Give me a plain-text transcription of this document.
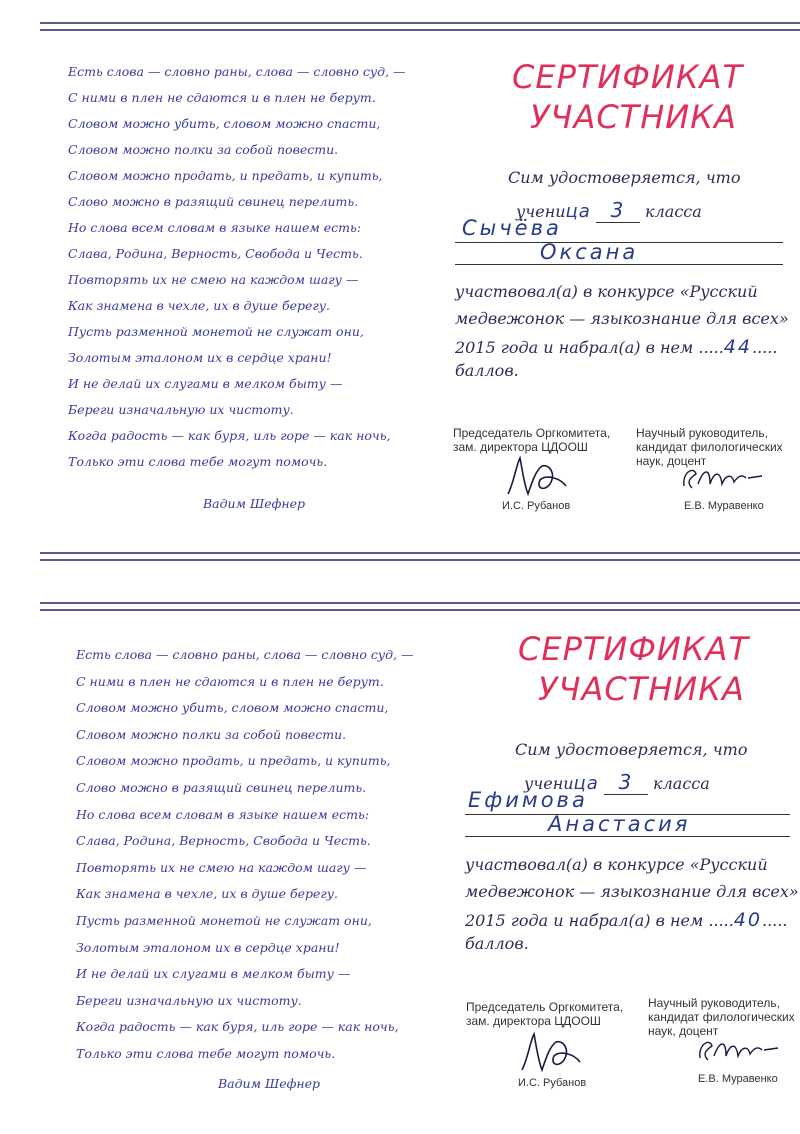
Есть слова — словно раны, слова — словно суд, —
С ними в плен не сдаются и в плен не берут.
Словом можно убить, словом можно спасти,
Словом можно полки за собой повести.
Словом можно продать, и предать, и купить,
Слово можно в разящий свинец перелить.
Но слова всем словам в языке нашем есть:
Слава, Родина, Верность, Свобода и Честь.
Повторять их не смею на каждом шагу —
Как знамена в чехле, их в душе берегу.
Пусть разменной монетой не служат они,
Золотым эталоном их в сердце храни!
И не делай их слугами в мелком быту —
Береги изначальную их чистоту.
Когда радость — как буря, иль горе — как ночь,
Только эти слова тебе могут помочь.
Вадим Шефнер
СЕРТИФИКАТ
УЧАСТНИКА
Сим удостоверяется, что
ученица 3 класса
Сычёва
Оксана
участвовал(а) в конкурсе «Русский
медвежонок — языкознание для всех»
2015 года и набрал(а) в нем .....44.....
баллов.
Председатель Оргкомитета,
зам. директора ЦДООШ
Научный руководитель,
кандидат филологических
наук, доцент
И.С. Рубанов	Е.В. Муравенко
Есть слова — словно раны, слова — словно суд, —
С ними в плен не сдаются и в плен не берут.
Словом можно убить, словом можно спасти,
Словом можно полки за собой повести.
Словом можно продать, и предать, и купить,
Слово можно в разящий свинец перелить.
Но слова всем словам в языке нашем есть:
Слава, Родина, Верность, Свобода и Честь.
Повторять их не смею на каждом шагу —
Как знамена в чехле, их в душе берегу.
Пусть разменной монетой не служат они,
Золотым эталоном их в сердце храни!
И не делай их слугами в мелком быту —
Береги изначальную их чистоту.
Когда радость — как буря, иль горе — как ночь,
Только эти слова тебе могут помочь.
Вадим Шефнер
СЕРТИФИКАТ
УЧАСТНИКА
Сим удостоверяется, что
ученица 3 класса
Ефимова
Анастасия
участвовал(а) в конкурсе «Русский
медвежонок — языкознание для всех»
2015 года и набрал(а) в нем .....40.....
баллов.
Председатель Оргкомитета,
зам. директора ЦДООШ
Научный руководитель,
кандидат филологических
наук, доцент
И.С. Рубанов	Е.В. Муравенко
